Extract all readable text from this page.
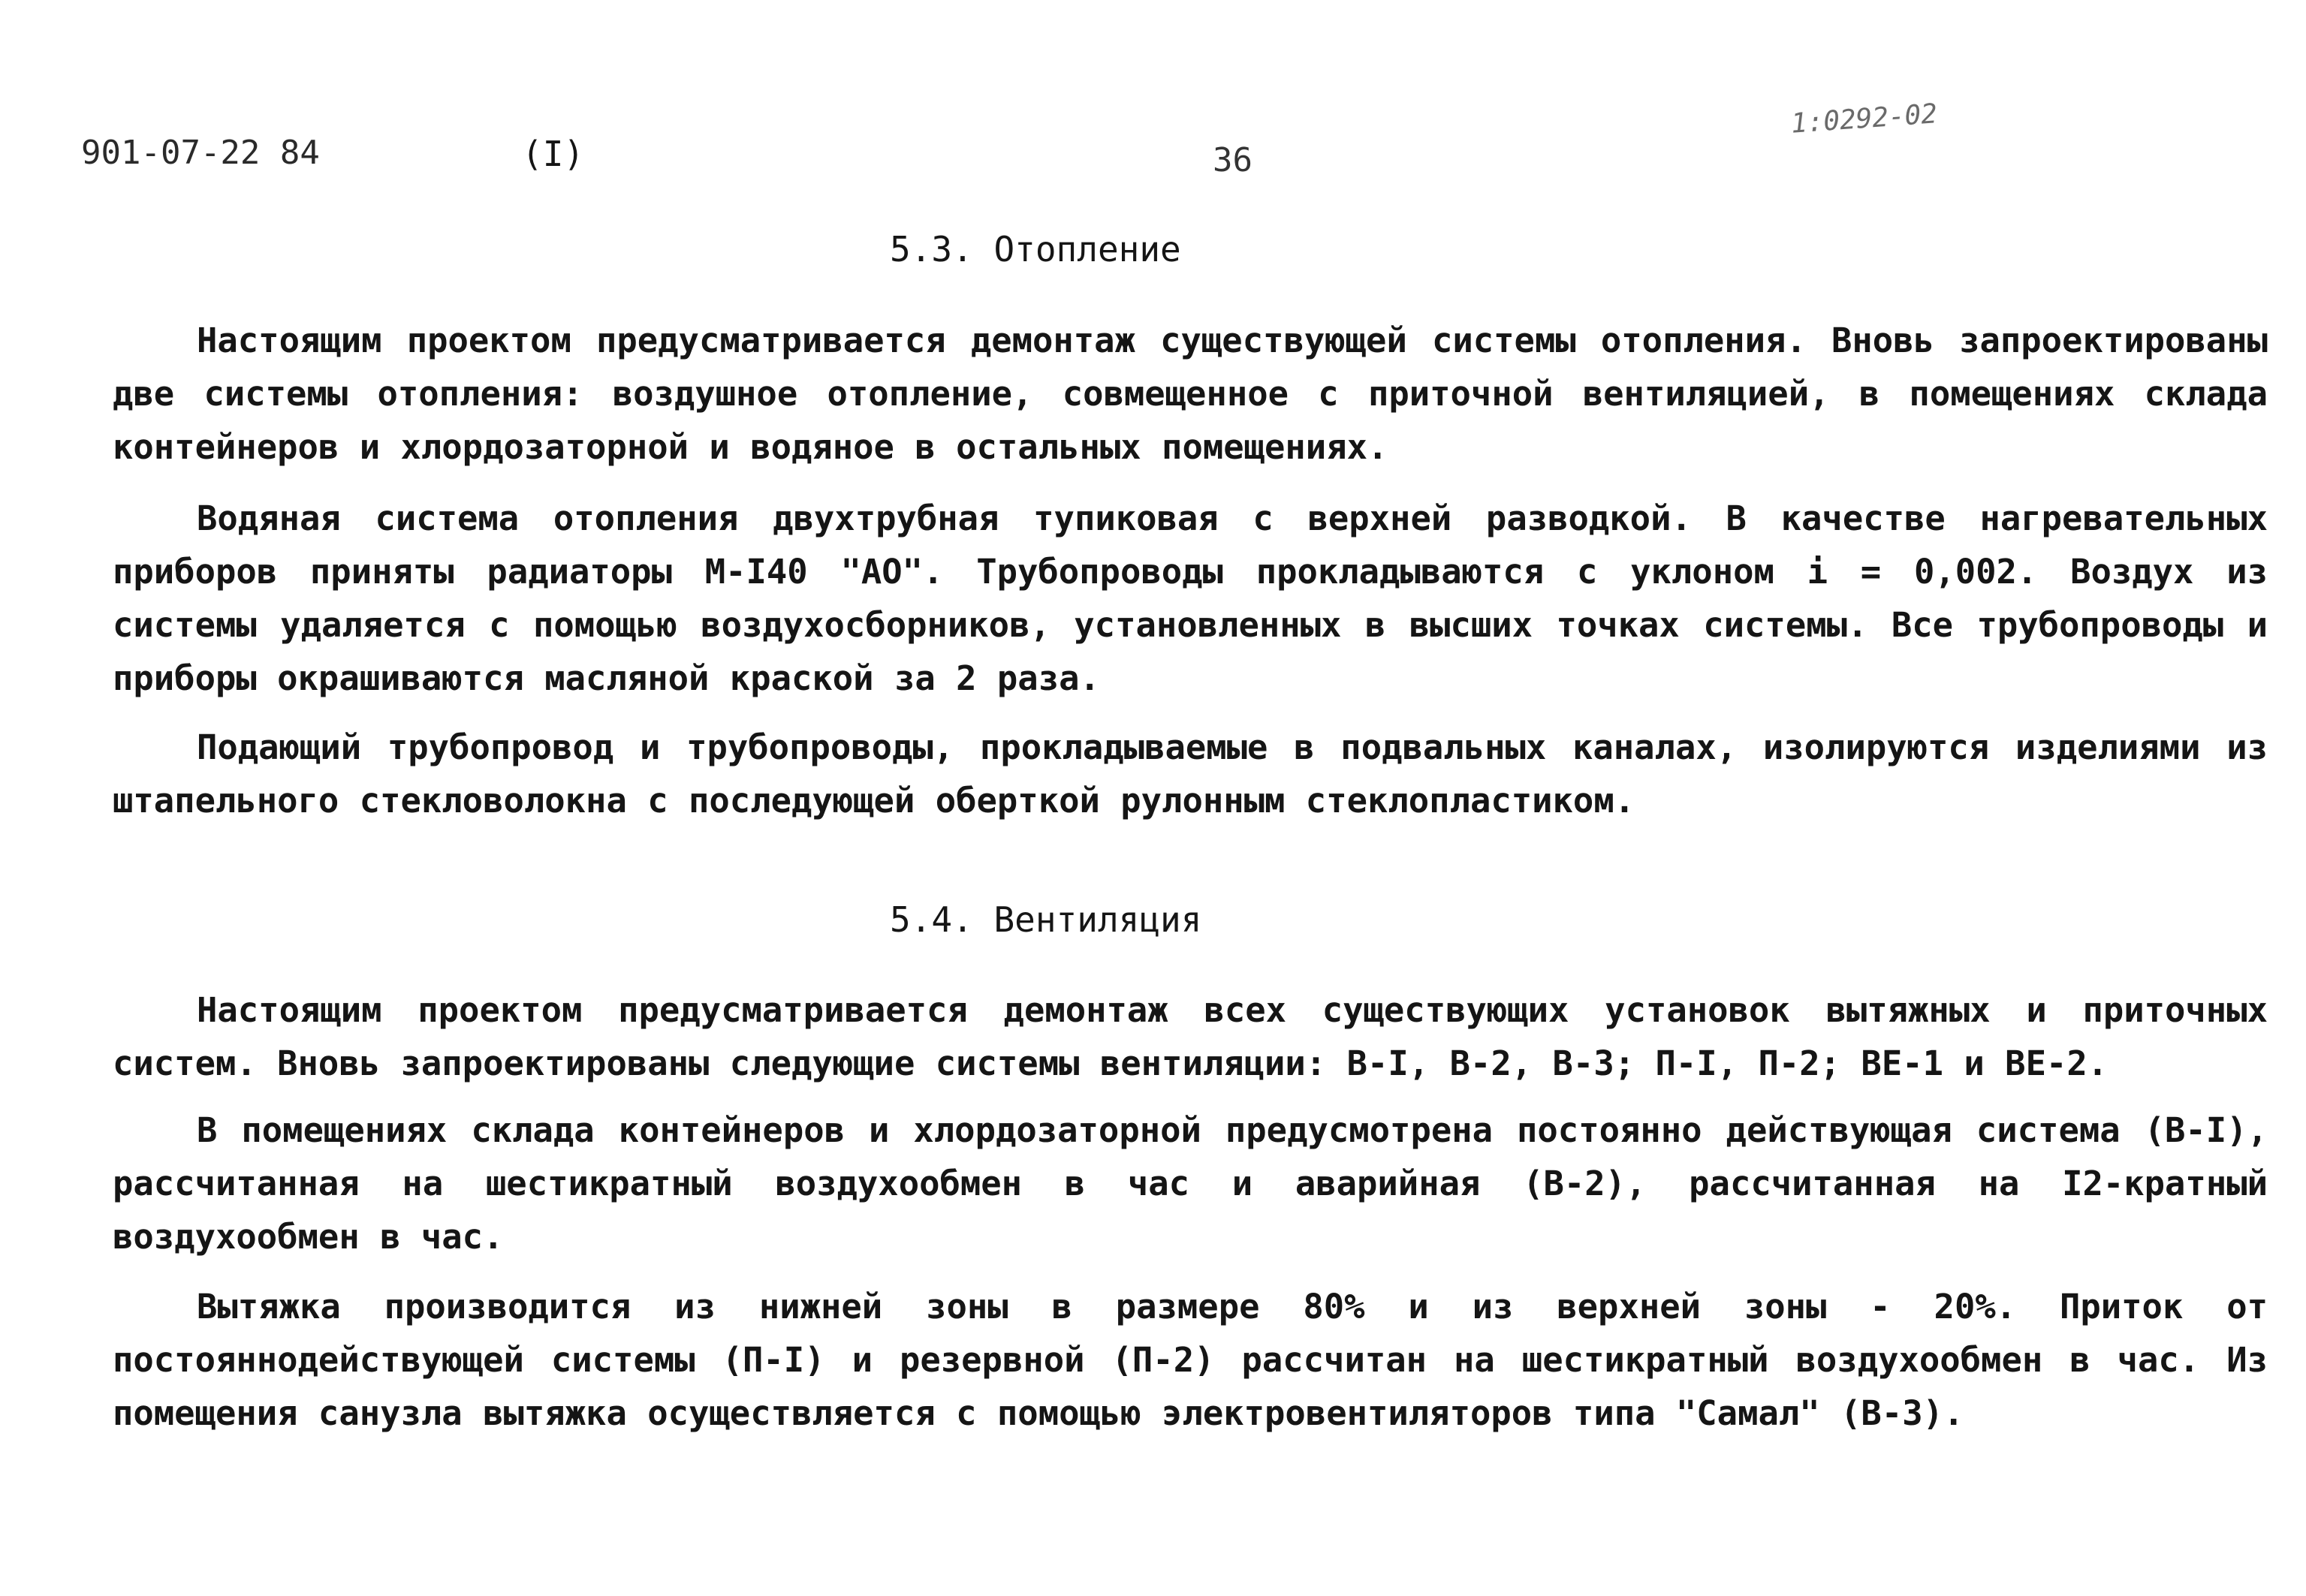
901-07-22 84	(I)	36
1:0292-02
5.3. Отопление

Настоящим проектом предусматривается демонтаж существующей системы отопления. Вновь запроектированы две системы отопления: воздушное отопление, совмещенное с приточной вентиляцией, в помещениях склада контейнеров и хлордозаторной и водяное в остальных помещениях.

Водяная система отопления двухтрубная тупиковая с верхней разводкой. В качестве нагревательных приборов приняты радиаторы М-I40 "АО". Трубопроводы прокладываются с уклоном i = 0,002. Воздух из системы удаляется с помощью воздухосборников, установленных в высших точках системы. Все трубопроводы и приборы окрашиваются масляной краской за 2 раза.

Подающий трубопровод и трубопроводы, прокладываемые в подвальных каналах, изолируются изделиями из штапельного стекловолокна с последующей оберткой рулонным стеклопластиком.

5.4. Вентиляция

Настоящим проектом предусматривается демонтаж всех существующих установок вытяжных и приточных систем. Вновь запроектированы следующие системы вентиляции: В-I, В-2, В-3; П-I, П-2; ВЕ-1 и ВЕ-2.

В помещениях склада контейнеров и хлордозаторной предусмотрена постоянно действующая система (В-I), рассчитанная на шестикратный воздухообмен в час и аварийная (В-2), рассчитанная на I2-кратный воздухообмен в час.

Вытяжка производится из нижней зоны в размере 80% и из верхней зоны - 20%. Приток от постояннодействующей системы (П-I) и резервной (П-2) рассчитан на шестикратный воздухообмен в час. Из помещения санузла вытяжка осуществляется с помощью электровентиляторов типа "Самал" (В-3).
